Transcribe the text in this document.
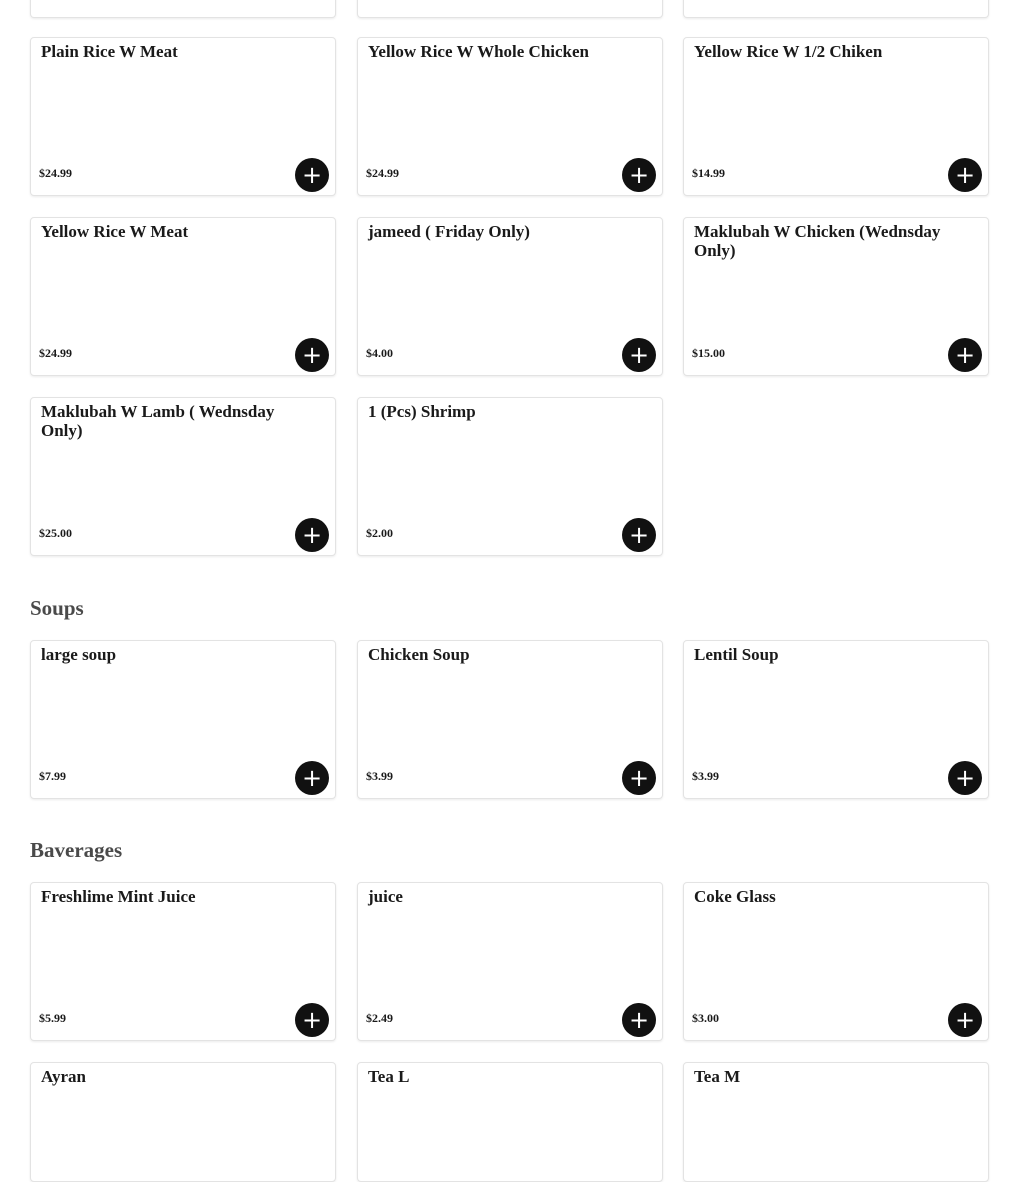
Plain Rice W Meat
$24.99	+
Yellow Rice W Whole Chicken
$24.99	+
Yellow Rice W 1/2 Chiken
$14.99	+
Yellow Rice W Meat
$24.99	+
jameed ( Friday Only)
$4.00	+
Maklubah W Chicken (Wednsday Only)
$15.00	+
Maklubah W Lamb ( Wednsday Only)
$25.00	+
1 (Pcs) Shrimp
$2.00	+
Soups
large soup
$7.99	+
Chicken Soup
$3.99	+
Lentil Soup
$3.99	+
Baverages
Freshlime Mint Juice
$5.99	+
juice
$2.49	+
Coke Glass
$3.00	+
Ayran	Tea L	Tea M
